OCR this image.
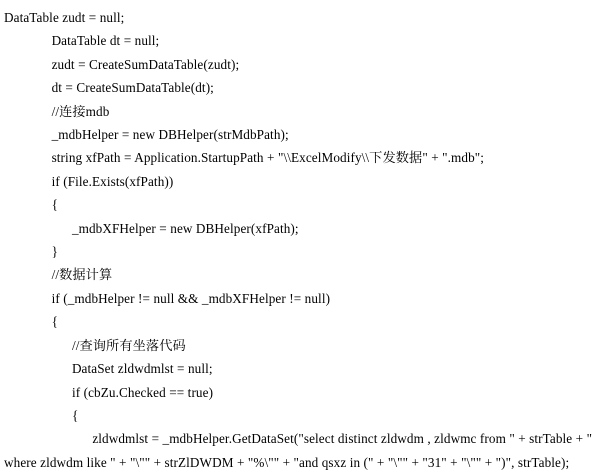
DataTable zudt = null;
DataTable dt = null;
zudt = CreateSumDataTable(zudt);
dt = CreateSumDataTable(dt);
//连接mdb
_mdbHelper = new DBHelper(strMdbPath);
string xfPath = Application.StartupPath + "\\ExcelModify\\下发数据" + ".mdb";
if (File.Exists(xfPath))
{
_mdbXFHelper = new DBHelper(xfPath);
}
//数据计算
if (_mdbHelper != null && _mdbXFHelper != null)
{
//查询所有坐落代码
DataSet zldwdmlst = null;
if (cbZu.Checked == true)
{
zldwdmlst = _mdbHelper.GetDataSet("select distinct zldwdm , zldwmc from " + strTable + " where zldwdm like " + "\"" + strZlDWDM + "%\"" + "and qsxz in (" + "\"" + "31" + "\"" + ")", strTable);
